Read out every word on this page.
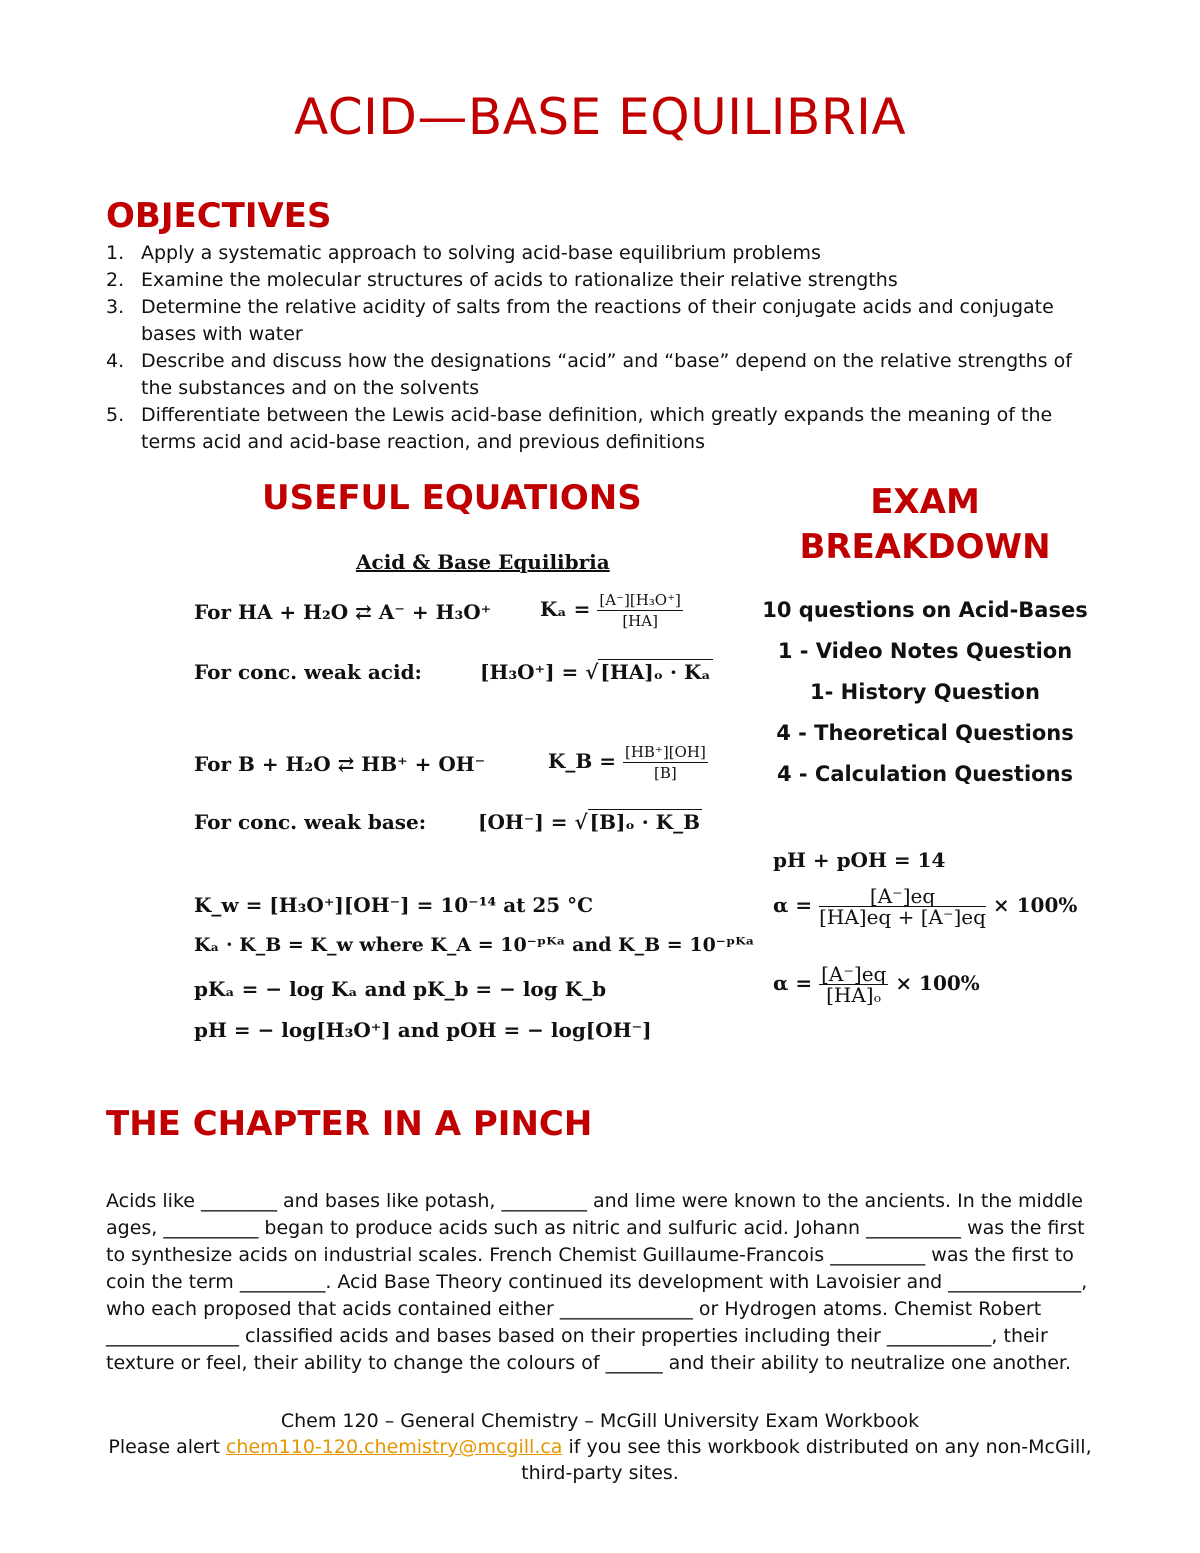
ACID—BASE EQUILIBRIA
OBJECTIVES
1. Apply a systematic approach to solving acid-base equilibrium problems
2. Examine the molecular structures of acids to rationalize their relative strengths
3. Determine the relative acidity of salts from the reactions of their conjugate acids and conjugate bases with water
4. Describe and discuss how the designations “acid” and “base” depend on the relative strengths of the substances and on the solvents
5. Differentiate between the Lewis acid-base definition, which greatly expands the meaning of the terms acid and acid-base reaction, and previous definitions
USEFUL EQUATIONS
Acid & Base Equilibria
For HA + H₂O ⇄ A⁻ + H₃O⁺ $K_a = \frac{\text{[A⁻][H₃O⁺]}}{[HA]}$
For conc. weak acid:	[H₃O⁺] = √ [HA]ₒ · Kₐ
For B + H₂O ⇄ HB⁺ + OH⁻	K_B = $\frac{[HB^+][OH]}{[B]}$
For conc. weak base:	[OH⁻] = √ [B]ₒ · K_B
K_w = [H₃O⁺][OH⁻] = 10⁻¹⁴ at 25 °C
Kₐ · K_B = K_w where K_A = 10⁻ᵖᴷᵃ and K_B = 10⁻ᵖᴷᵃ
pKₐ = − log Kₐ and pK_b = − log K_b
pH = − log[H₃O⁺] and pOH = − log[OH⁻]
EXAM
BREAKDOWN
10 questions on Acid-Bases
1 - Video Notes Question
1- History Question
4 - Theoretical Questions
4 - Calculation Questions
pH + pOH = 14
$\alpha = \frac{[A^-]eq}{[HA]eq + [A^-]eq} \times 100\%$
$\alpha = \frac{[A^-]eq}{\text{[HA]ₒ}} \times 100\%$
THE CHAPTER IN A PINCH
Acids like ________ and bases like potash, _________ and lime were known to the ancients. In the middle ages, __________ began to produce acids such as nitric and sulfuric acid. Johann __________ was the first to synthesize acids on industrial scales. French Chemist Guillaume-Francois __________ was the first to coin the term _________. Acid Base Theory continued its development with Lavoisier and ______________, who each proposed that acids contained either ______________ or Hydrogen atoms. Chemist Robert ______________ classified acids and bases based on their properties including their ___________, their texture or feel, their ability to change the colours of ______ and their ability to neutralize one another.
Chem 120 – General Chemistry – McGill University Exam Workbook
Please alert chem110-120.chemistry@mcgill.ca if you see this workbook distributed on any non-McGill, third-party sites.
